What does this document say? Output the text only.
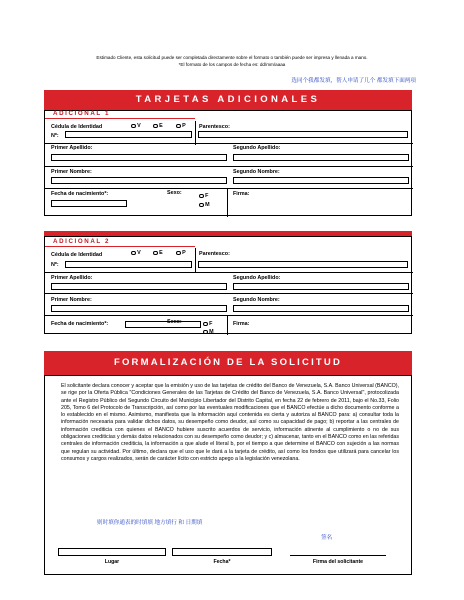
Estimado Cliente, esta solicitud puede ser completada directamente sobre el formato o también puede ser impresa y llenada a mano.
*El formato de los campos de fecha es: dd/mm/aaaa
选同个我都发填，帮人申请了几个 都发填下面两项
TARJETAS ADICIONALES
ADICIONAL 1
Cédula de Identidad	V	E	P Parentesco:
Nº:
Primer Apellido:	Segundo Apellido:
Primer Nombre:	Segundo Nombre:
Fecha de nacimiento*:	Sexo:	F
M
Firma:
ADICIONAL 2
Cédula de Identidad	V	E	P Parentesco:
Nº:
Primer Apellido:	Segundo Apellido:
Primer Nombre:	Segundo Nombre:
Fecha de nacimiento*:	Sexo:	F
M
Firma:
FORMALIZACIÓN DE LA SOLICITUD
El solicitante declara conocer y aceptar que la emisión y uso de las tarjetas de crédito del Banco de Venezuela, S.A. Banco Universal (BANCO), se rige por la Oferta Pública "Condiciones Generales de las Tarjetas de Crédito del Banco de Venezuela, S.A. Banco Universal", protocolizada ante el Registro Público del Segundo Circuito del Municipio Libertador del Distrito Capital, en fecha 22 de febrero de 2011, bajo el No.33, Folio 205, Tomo 6 del Protocolo de Transcripción, así como por las eventuales modificaciones que el BANCO efectúe a dicho documento conforme a lo establecido en el mismo. Asimismo, manifiesta que la información aquí contenida es cierta y autoriza al BANCO para: a) consultar toda la información necesaria para validar dichos datos, su desempeño como deudor, así como su capacidad de pago; b) reportar a las centrales de información crediticia con quienes el BANCO hubiere suscrito acuerdos de servicio, información atinente al cumplimiento o no de sus obligaciones crediticias y demás datos relacionados con su desempeño como deudor; y c) almacenar, tanto en el BANCO como en las referidas centrales de información crediticia, la información a que alude el literal b, por el tiempo a que determine el BANCO con sujeción a las normas que regulan su actividad. Por último, declara que el uso que le dará a la tarjeta de crédito, así como los fondos que utilizará para cancelar los consumos y cargos realizados, serán de carácter lícito con estricto apego a la legislación venezolana.
则时填你通表的时填填 地方填行 和 日期填
签名
Lugar	Fecha*	Firma del solicitante
